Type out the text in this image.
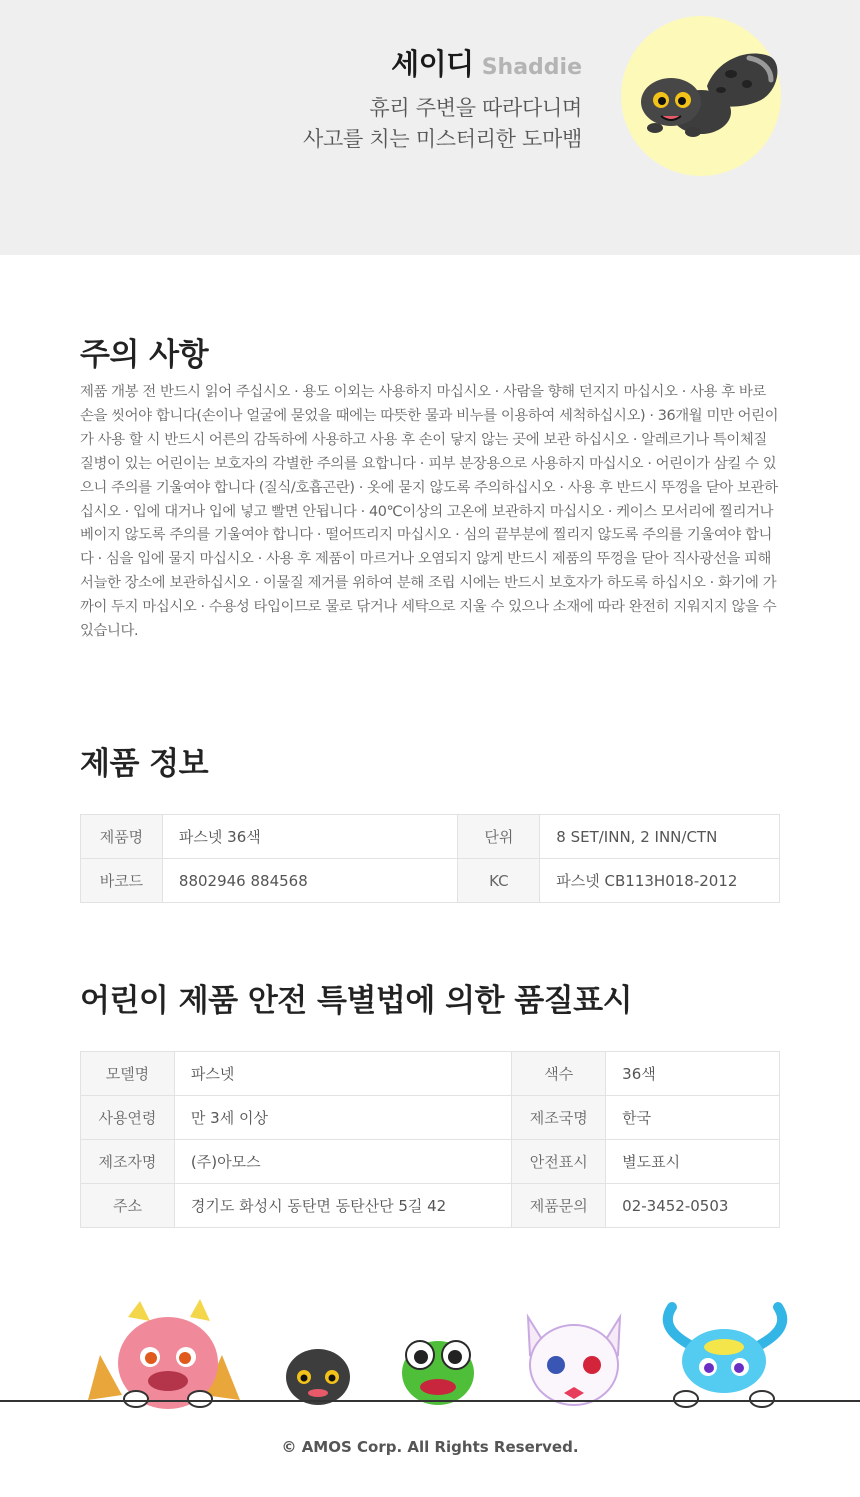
세이디 Shaddie
휴리 주변을 따라다니며
사고를 치는 미스터리한 도마뱀
주의 사항

제품 개봉 전 반드시 읽어 주십시오 · 용도 이외는 사용하지 마십시오 · 사람을 향해 던지지 마십시오 · 사용 후 바로 손을 씻어야 합니다(손이나 얼굴에 묻었을 때에는 따뜻한 물과 비누를 이용하여 세척하십시오) · 36개월 미만 어린이가 사용 할 시 반드시 어른의 감독하에 사용하고 사용 후 손이 닿지 않는 곳에 보관 하십시오 · 알레르기나 특이체질 질병이 있는 어린이는 보호자의 각별한 주의를 요합니다 · 피부 분장용으로 사용하지 마십시오 · 어린이가 삼킬 수 있으니 주의를 기울여야 합니다 (질식/호흡곤란) · 옷에 묻지 않도록 주의하십시오 · 사용 후 반드시 뚜껑을 닫아 보관하십시오 · 입에 대거나 입에 넣고 빨면 안됩니다 · 40℃이상의 고온에 보관하지 마십시오 · 케이스 모서리에 찔리거나 베이지 않도록 주의를 기울여야 합니다 · 떨어뜨리지 마십시오 · 심의 끝부분에 찔리지 않도록 주의를 기울여야 합니다 · 심을 입에 물지 마십시오 · 사용 후 제품이 마르거나 오염되지 않게 반드시 제품의 뚜껑을 닫아 직사광선을 피해 서늘한 장소에 보관하십시오 · 이물질 제거를 위하여 분해 조립 시에는 반드시 보호자가 하도록 하십시오 · 화기에 가까이 두지 마십시오 · 수용성 타입이므로 물로 닦거나 세탁으로 지울 수 있으나 소재에 따라 완전히 지워지지 않을 수 있습니다.

제품 정보
제품명	파스넷 36색	단위	8 SET/INN, 2 INN/CTN
바코드	8802946 884568	KC	파스넷 CB113H018-2012
어린이 제품 안전 특별법에 의한 품질표시
모델명	파스넷	색수	36색
사용연령	만 3세 이상	제조국명	한국
제조자명	(주)아모스	안전표시	별도표시
주소	경기도 화성시 동탄면 동탄산단 5길 42	제품문의	02-3452-0503
© AMOS Corp. All Rights Reserved.
